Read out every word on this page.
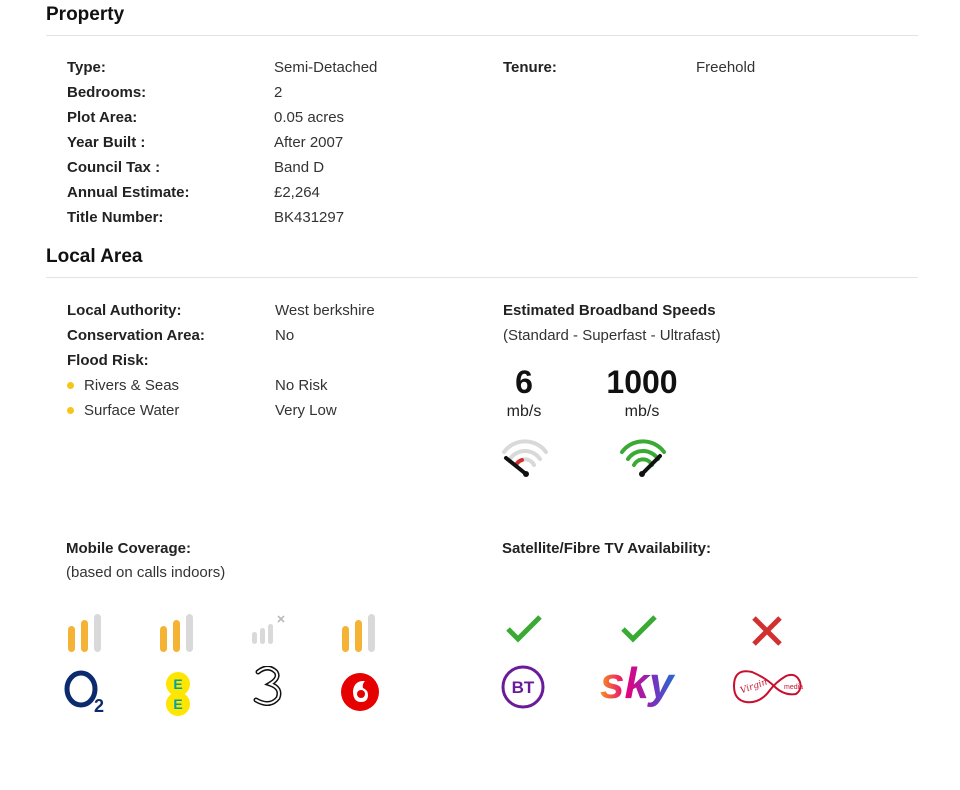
Property
Type:	Semi-Detached
Bedrooms:	2
Plot Area:	0.05 acres
Year Built :	After 2007
Council Tax :	Band D
Annual Estimate:	£2,264
Title Number:	BK431297
Tenure:	Freehold
Local Area
Local Authority:	West berkshire
Conservation Area:	No
Flood Risk:
Rivers & Seas	No Risk
Surface Water	Very Low
Estimated Broadband Speeds
(Standard - Superfast - Ultrafast)
6
mb/s
1000
mb/s
Mobile Coverage:
(based on calls indoors)
2
E
E
Satellite/Fibre TV Availability:
BT sky	Virgin media
